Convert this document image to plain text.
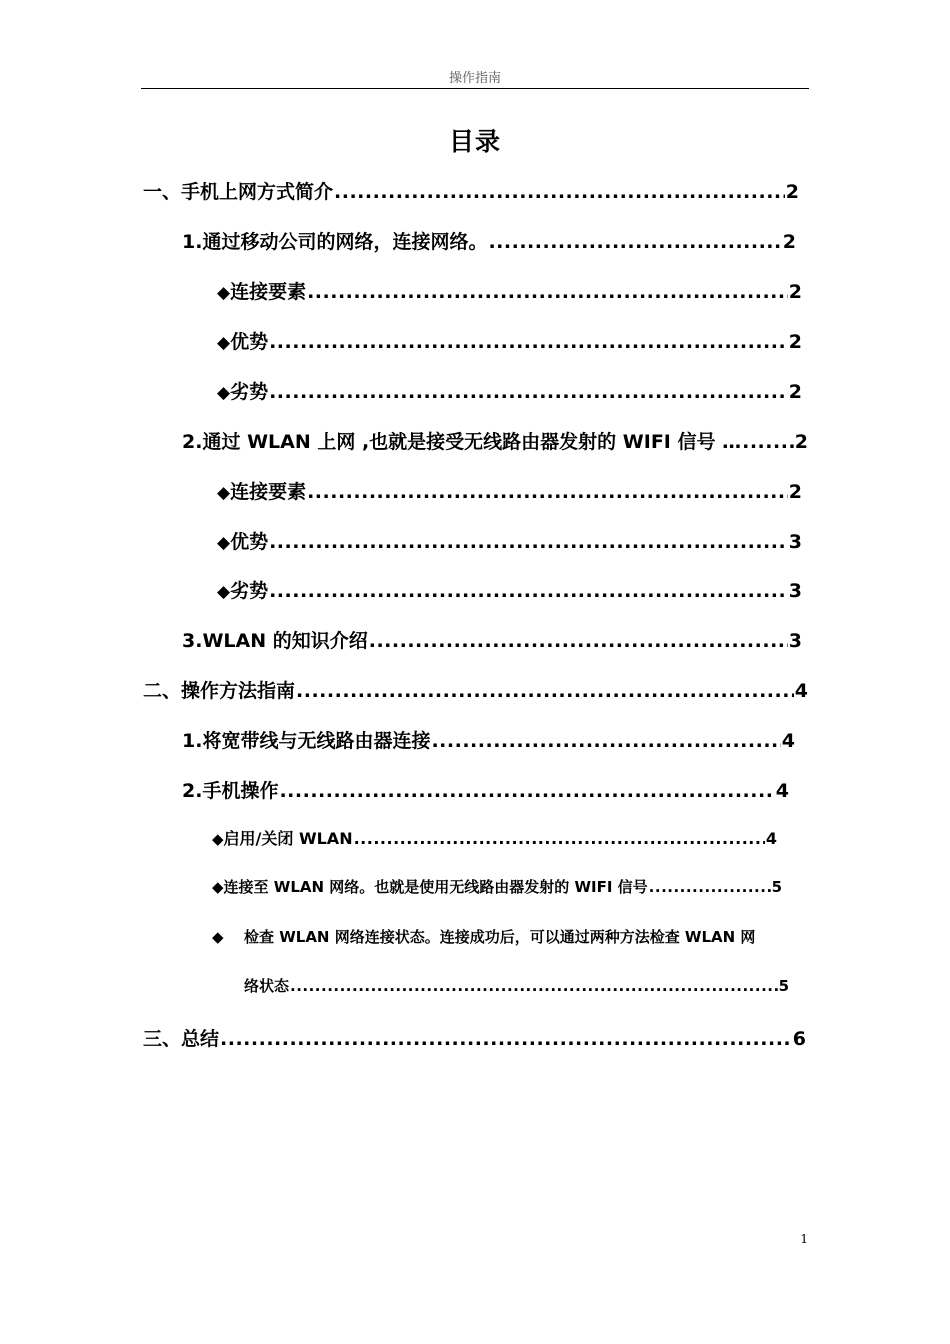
操作指南
目录
一、手机上网方式简介 .....	2
1. 通过移动公司的网络，连接网络。 .....	2
◆ 连接要素 .....	2
◆ 优势 .....	2
◆ 劣势 .....	2
2. 通过 WLAN 上网 ,也就是接受无线路由器发射的 WIFI 信号 … .....	2
◆ 连接要素 .....	2
◆ 优势 .....	3
◆ 劣势 .....	3
3. WLAN 的知识介绍 .....	3
二、操作方法指南 .....	4
1. 将宽带线与无线路由器连接 .....	4
2. 手机操作 .....	4
◆ 启用/关闭 WLAN .....	4
◆ 连接至 WLAN 网络。也就是使用无线路由器发射的 WIFI 信号 .....	5
◆	检查 WLAN 网络连接状态。连接成功后，可以通过两种方法检查 WLAN 网
络状态 .....	5
三、总结 .....	6
1
